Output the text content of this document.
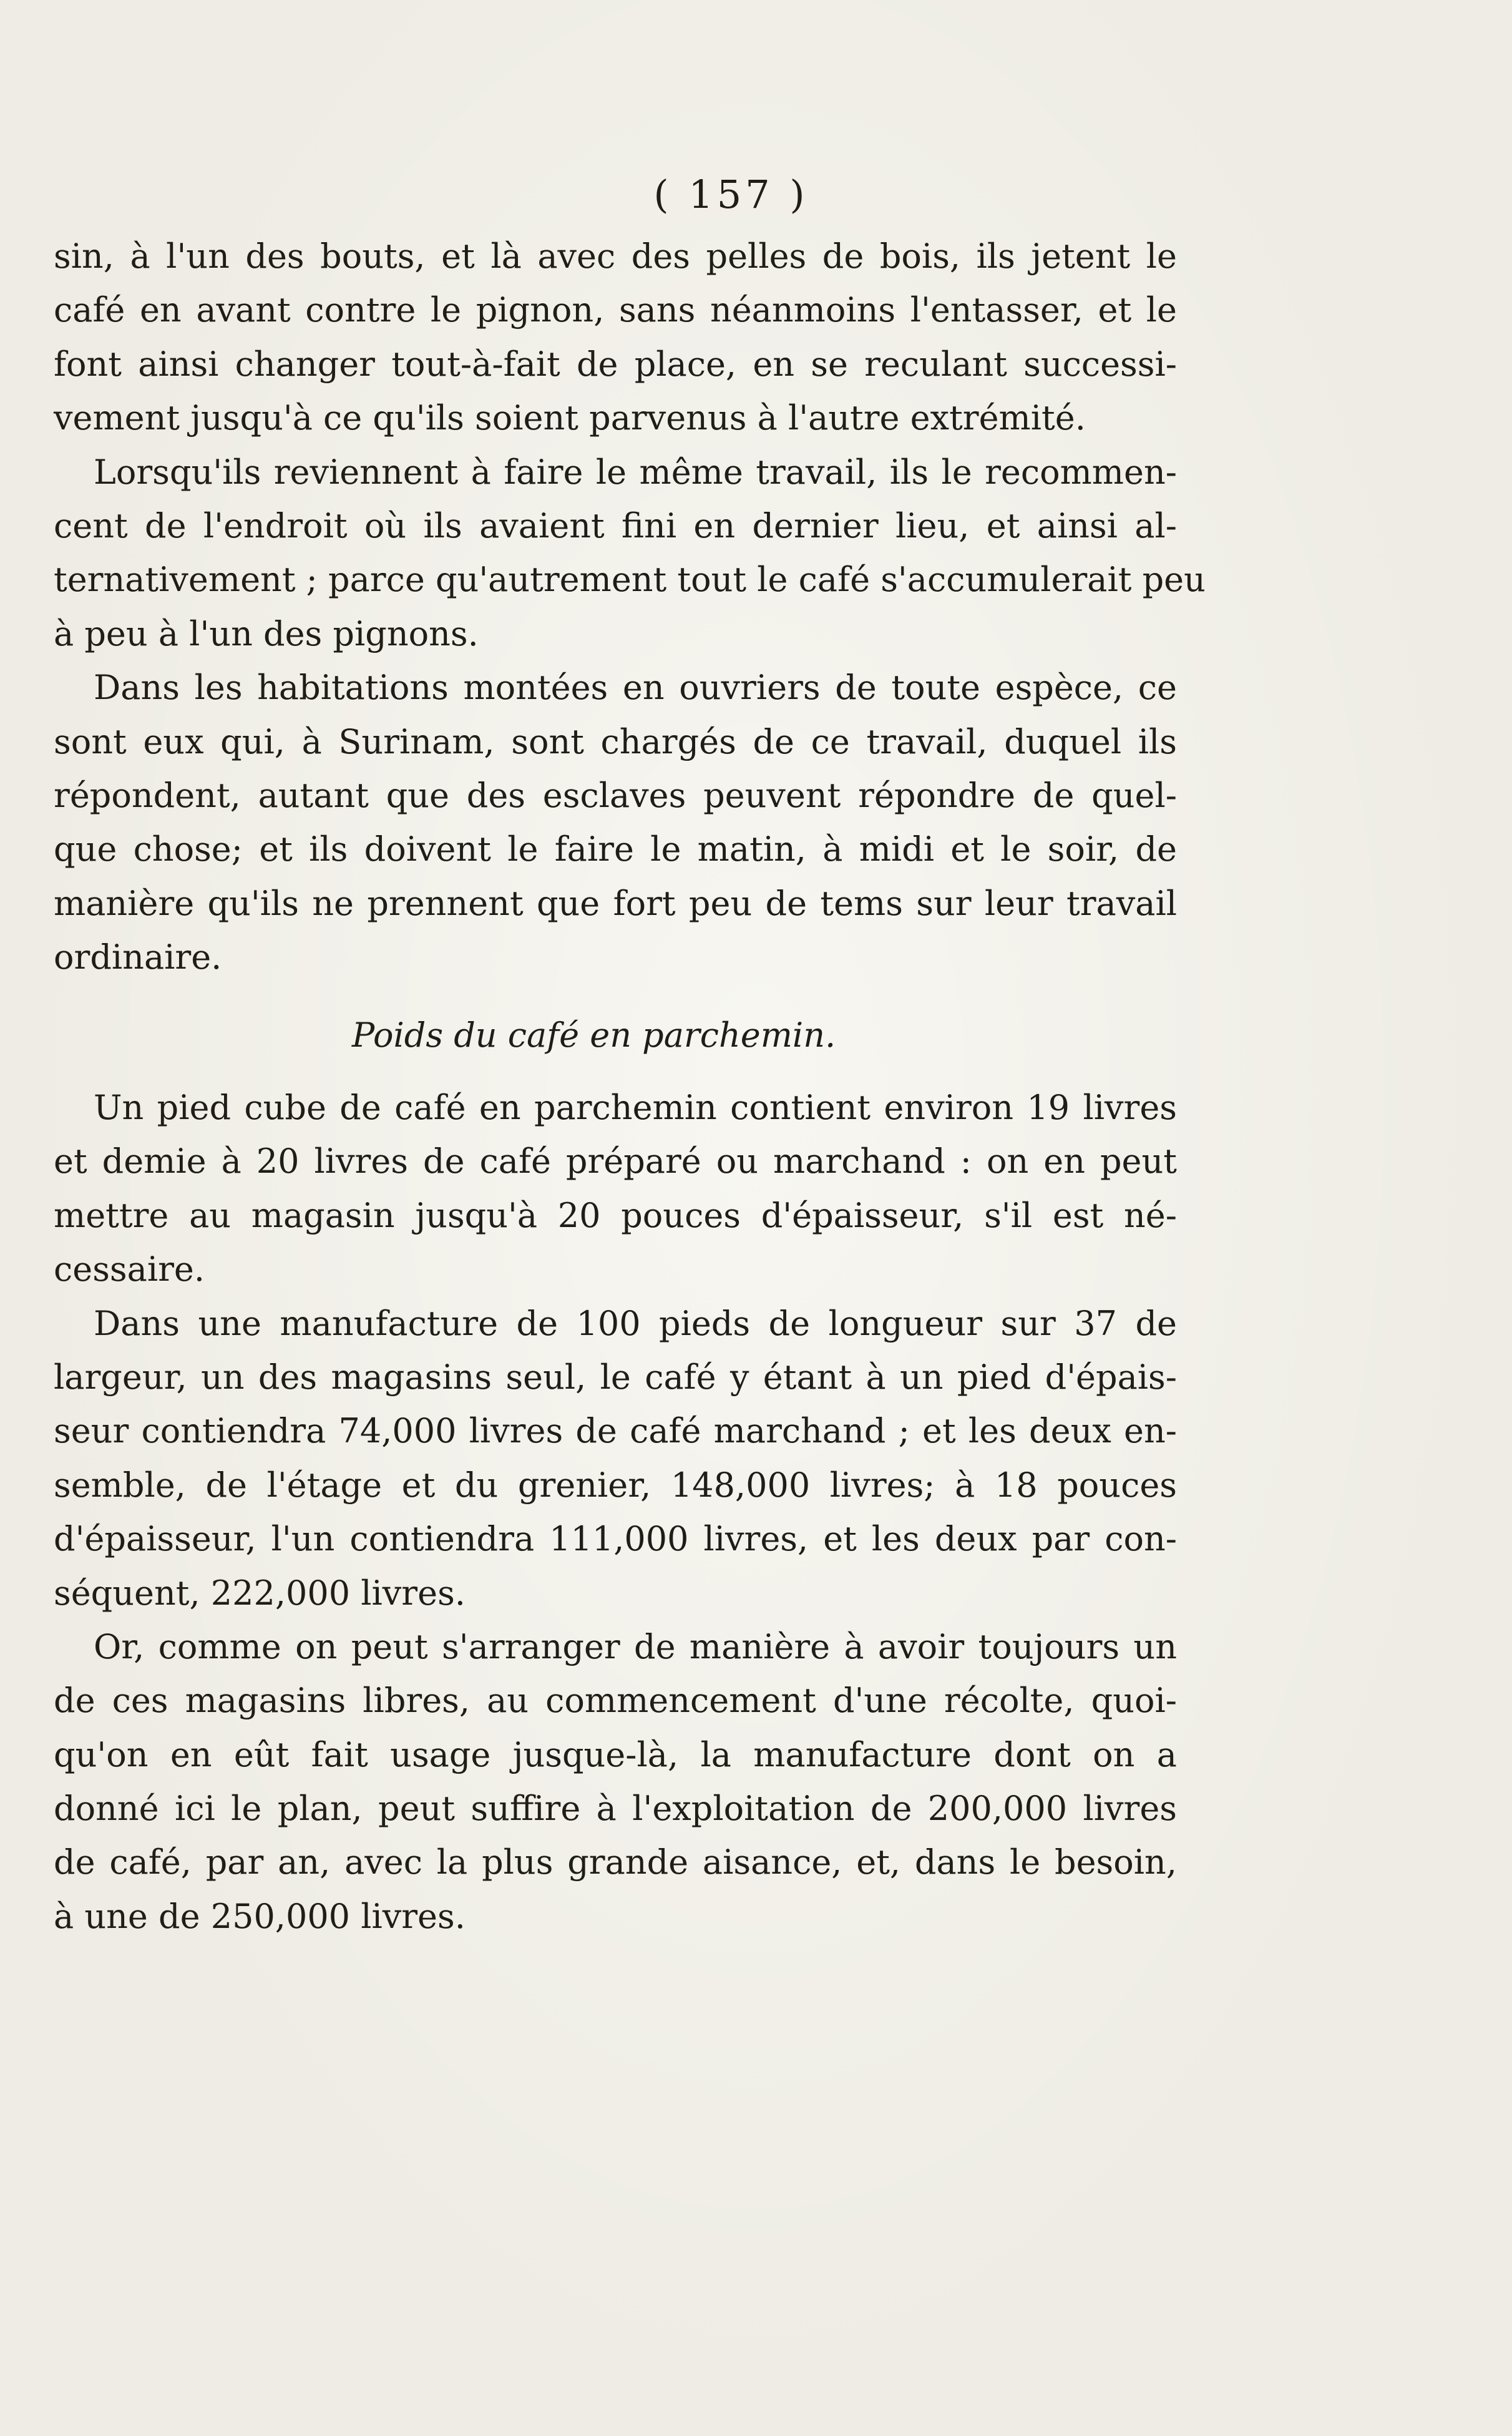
( 157 )
sin, à l'un des bouts, et là avec des pelles de bois, ils jetent le
café en avant contre le pignon, sans néanmoins l'entasser, et le
font ainsi changer tout-à-fait de place, en se reculant successi-
vement jusqu'à ce qu'ils soient parvenus à l'autre extrémité.
Lorsqu'ils reviennent à faire le même travail, ils le recommen-
cent de l'endroit où ils avaient fini en dernier lieu, et ainsi al-
ternativement ; parce qu'autrement tout le café s'accumulerait peu
à peu à l'un des pignons.
Dans les habitations montées en ouvriers de toute espèce, ce
sont eux qui, à Surinam, sont chargés de ce travail, duquel ils
répondent, autant que des esclaves peuvent répondre de quel-
que chose; et ils doivent le faire le matin, à midi et le soir, de
manière qu'ils ne prennent que fort peu de tems sur leur travail
ordinaire.
Poids du café en parchemin.
Un pied cube de café en parchemin contient environ 19 livres
et demie à 20 livres de café préparé ou marchand : on en peut
mettre au magasin jusqu'à 20 pouces d'épaisseur, s'il est né-
cessaire.
Dans une manufacture de 100 pieds de longueur sur 37 de
largeur, un des magasins seul, le café y étant à un pied d'épais-
seur contiendra 74,000 livres de café marchand ; et les deux en-
semble, de l'étage et du grenier, 148,000 livres; à 18 pouces
d'épaisseur, l'un contiendra 111,000 livres, et les deux par con-
séquent, 222,000 livres.
Or, comme on peut s'arranger de manière à avoir toujours un
de ces magasins libres, au commencement d'une récolte, quoi-
qu'on en eût fait usage jusque-là, la manufacture dont on a
donné ici le plan, peut suffire à l'exploitation de 200,000 livres
de café, par an, avec la plus grande aisance, et, dans le besoin,
à une de 250,000 livres.
